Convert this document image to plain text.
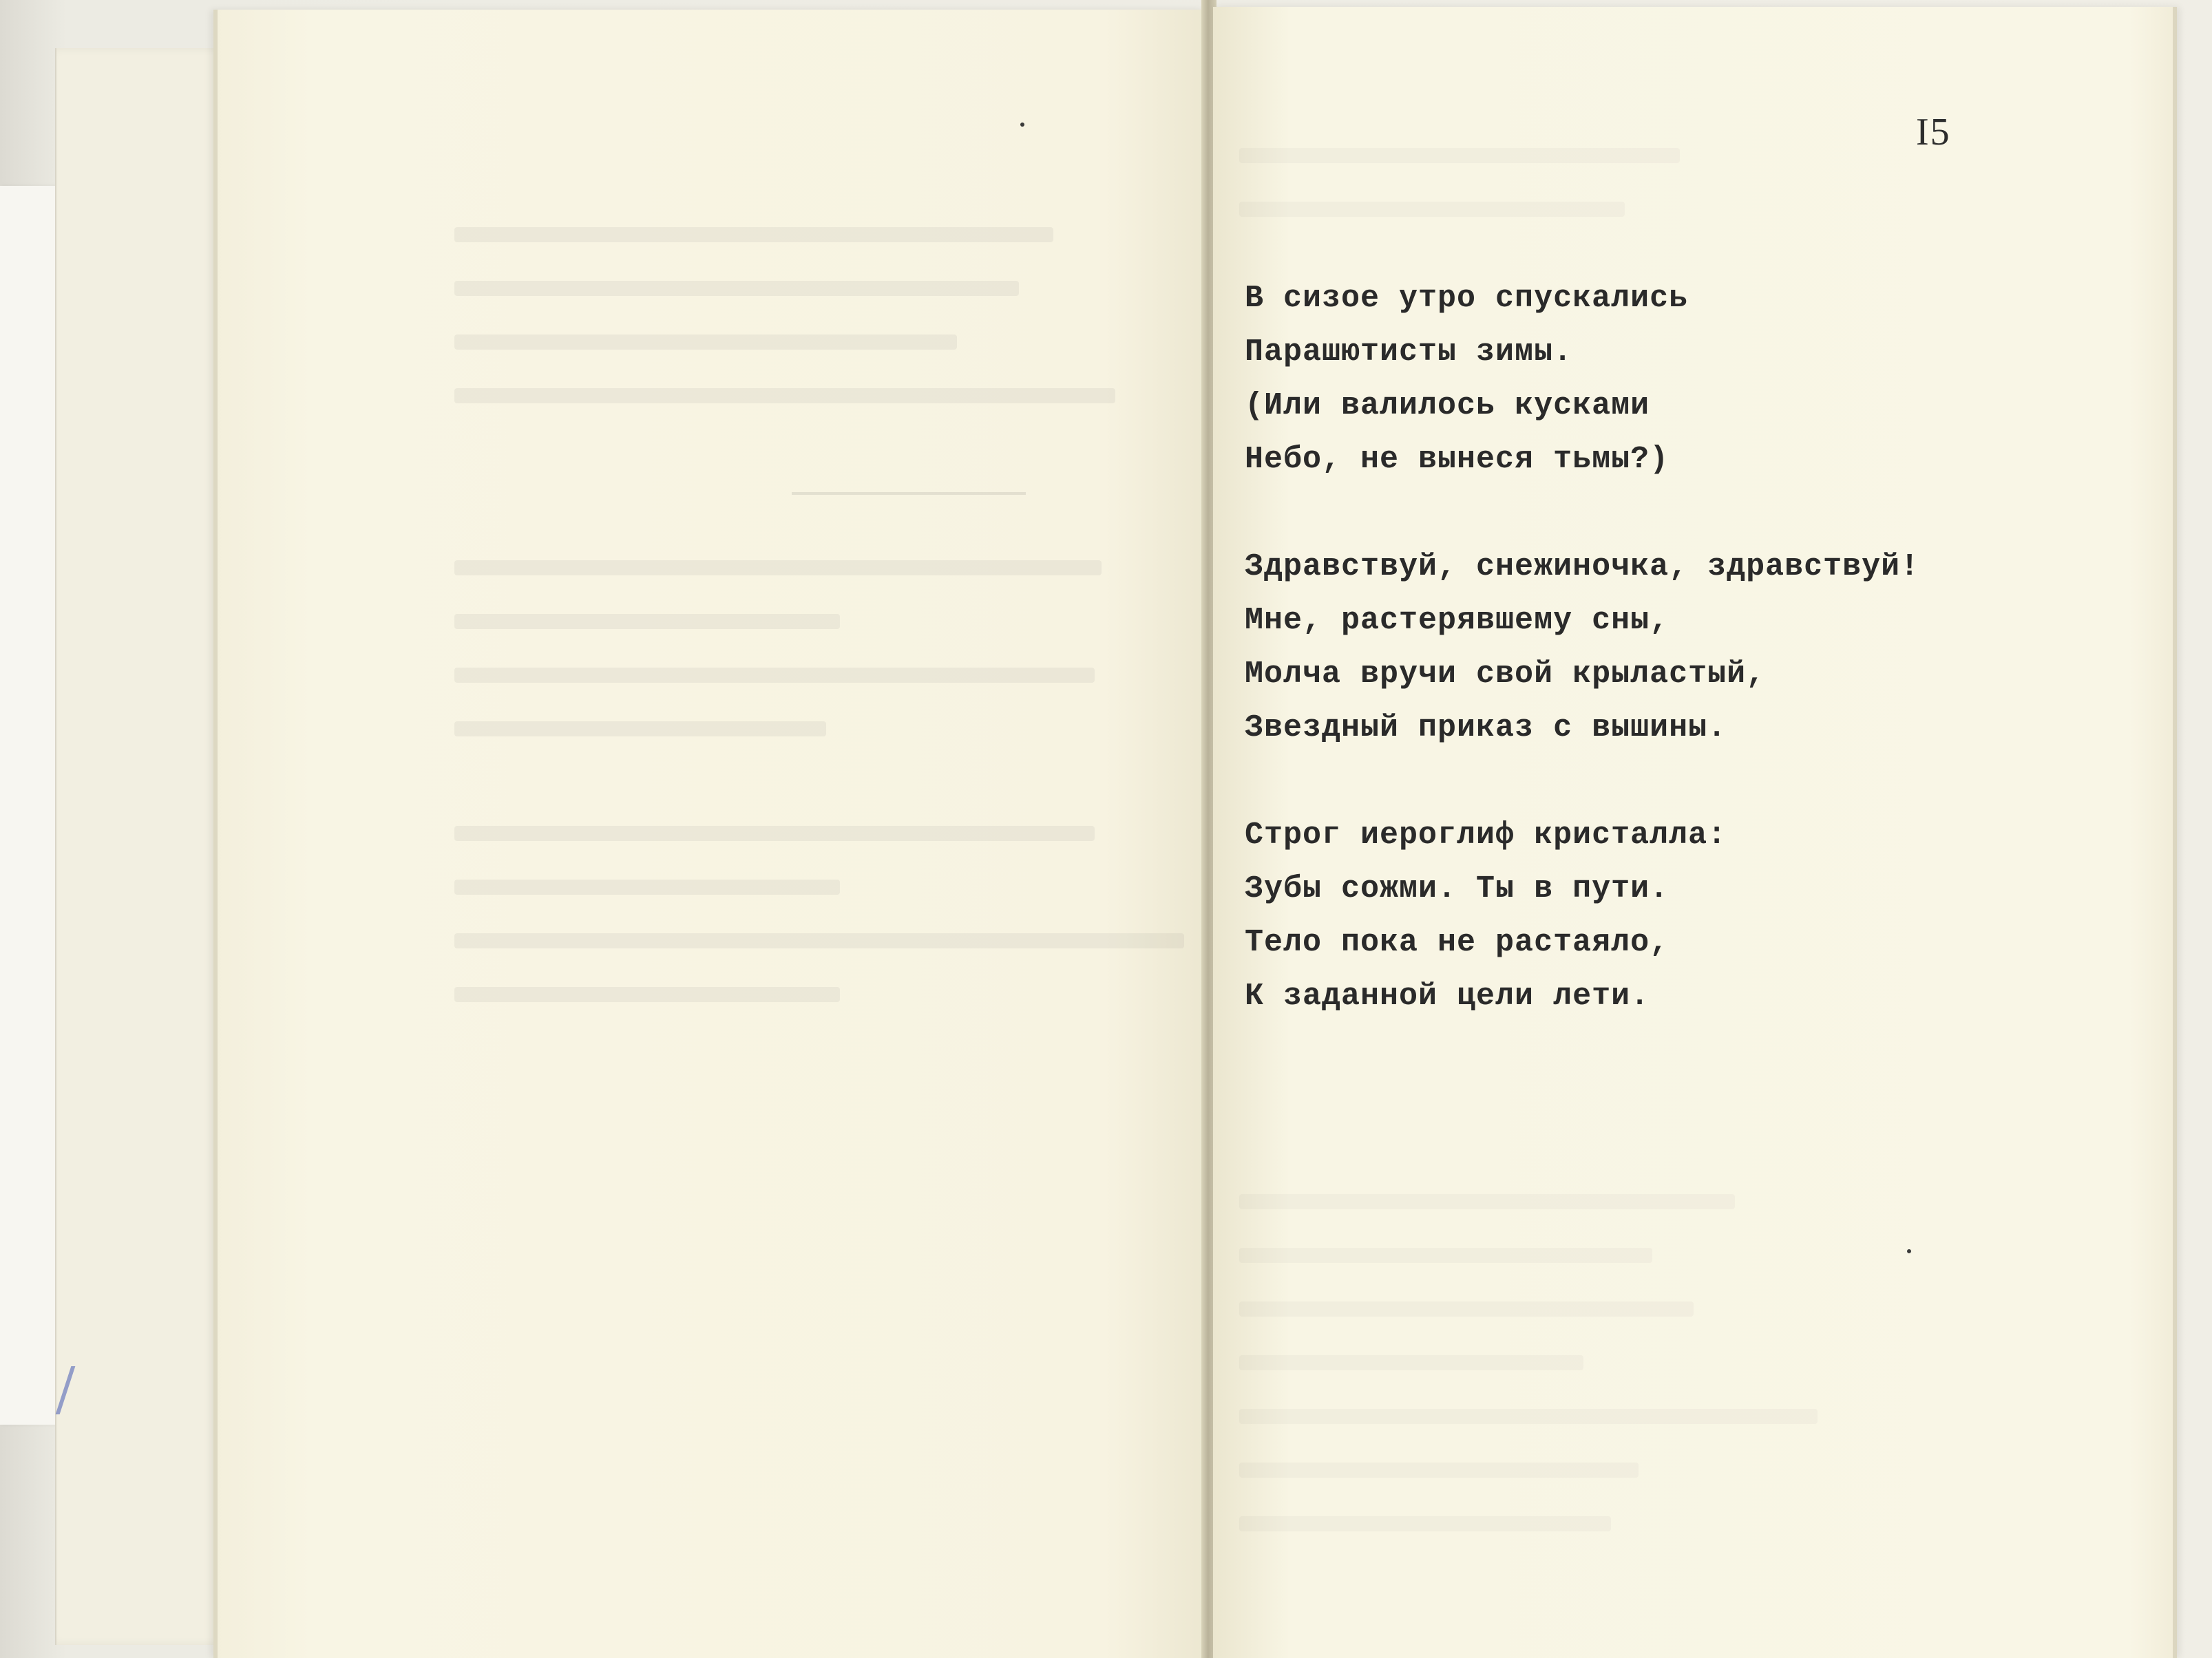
I5
В сизое утро спускались
Парашютисты зимы.
(Или валилось кусками
Небо, не вынеся тьмы?)
Здравствуй, снежиночка, здравствуй!
Мне, растерявшему сны,
Молча вручи свой крыластый,
Звездный приказ с вышины.
Строг иероглиф кристалла:
Зубы сожми. Ты в пути.
Тело пока не растаяло,
К заданной цели лети.
